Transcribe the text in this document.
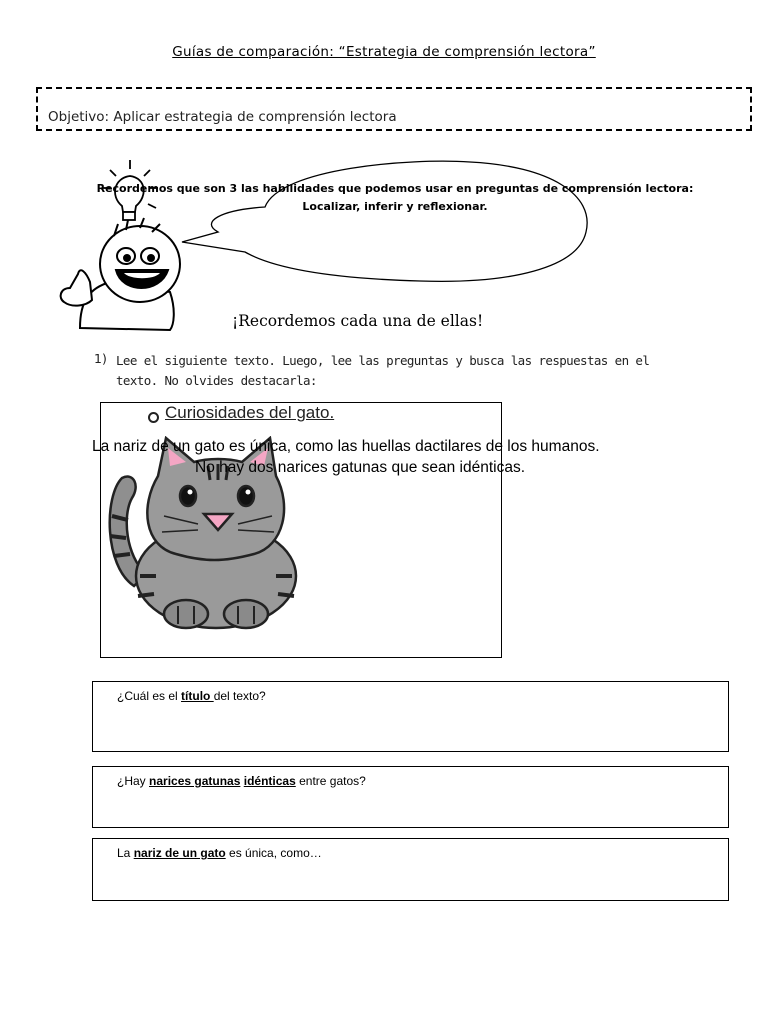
Guías de comparación: “Estrategia de comprensión lectora”
Objetivo: Aplicar estrategia de comprensión lectora
Recordemos que son 3 las habilidades que podemos usar en preguntas de comprensión lectora:
Localizar, inferir y reflexionar.
¡Recordemos cada una de ellas!
1) Lee el siguiente texto. Luego, lee las preguntas y busca las respuestas en el texto. No olvides destacarla:
Curiosidades del gato.
La nariz de un gato es única, como las huellas dactilares de los humanos.
No hay dos narices gatunas que sean idénticas.
¿Cuál es el título del texto?
¿Hay narices gatunas idénticas entre gatos?
La nariz de un gato es única, como…
